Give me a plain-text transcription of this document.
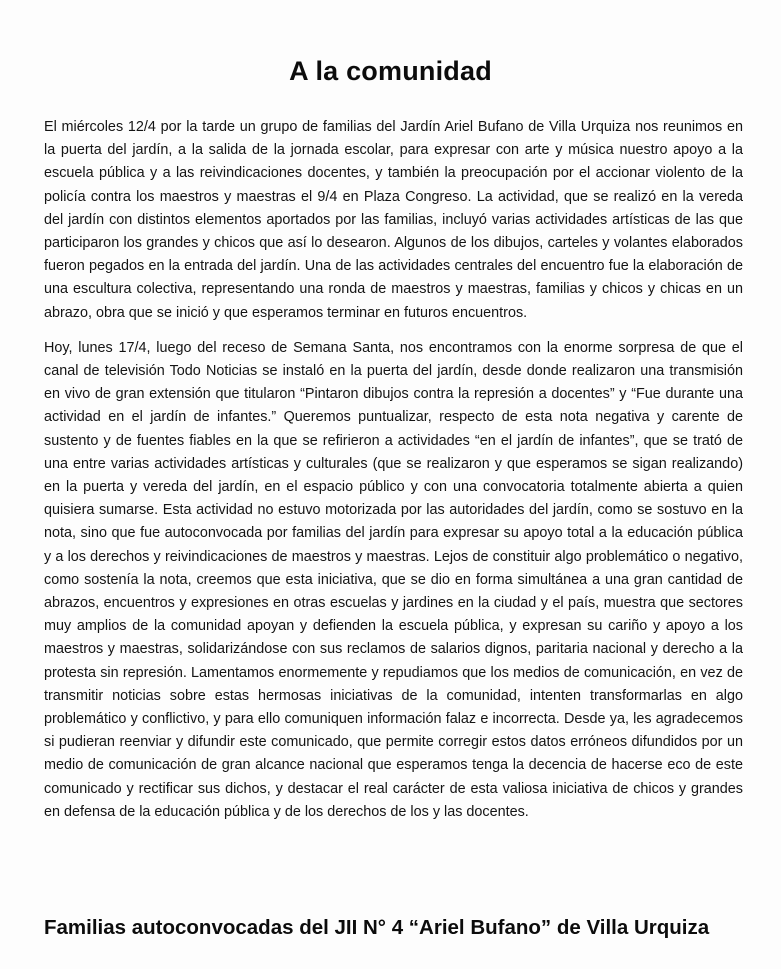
A la comunidad

El miércoles 12/4 por la tarde un grupo de familias del Jardín Ariel Bufano de Villa Urquiza nos reunimos en la puerta del jardín, a la salida de la jornada escolar, para expresar con arte y música nuestro apoyo a la escuela pública y a las reivindicaciones docentes, y también la preocupación por el accionar violento de la policía contra los maestros y maestras el 9/4 en Plaza Congreso. La actividad, que se realizó en la vereda del jardín con distintos elementos aportados por las familias, incluyó varias actividades artísticas de las que participaron los grandes y chicos que así lo desearon. Algunos de los dibujos, carteles y volantes elaborados fueron pegados en la entrada del jardín. Una de las actividades centrales del encuentro fue la elaboración de una escultura colectiva, representando una ronda de maestros y maestras, familias y chicos y chicas en un abrazo, obra que se inició y que esperamos terminar en futuros encuentros.

Hoy, lunes 17/4, luego del receso de Semana Santa, nos encontramos con la enorme sorpresa de que el canal de televisión Todo Noticias se instaló en la puerta del jardín, desde donde realizaron una transmisión en vivo de gran extensión que titularon “Pintaron dibujos contra la represión a docentes” y “Fue durante una actividad en el jardín de infantes.” Queremos puntualizar, respecto de esta nota negativa y carente de sustento y de fuentes fiables en la que se refirieron a actividades “en el jardín de infantes”, que se trató de una entre varias actividades artísticas y culturales (que se realizaron y que esperamos se sigan realizando) en la puerta y vereda del jardín, en el espacio público y con una convocatoria totalmente abierta a quien quisiera sumarse. Esta actividad no estuvo motorizada por las autoridades del jardín, como se sostuvo en la nota, sino que fue autoconvocada por familias del jardín para expresar su apoyo total a la educación pública y a los derechos y reivindicaciones de maestros y maestras. Lejos de constituir algo problemático o negativo, como sostenía la nota, creemos que esta iniciativa, que se dio en forma simultánea a una gran cantidad de abrazos, encuentros y expresiones en otras escuelas y jardines en la ciudad y el país, muestra que sectores muy amplios de la comunidad apoyan y defienden la escuela pública, y expresan su cariño y apoyo a los maestros y maestras, solidarizándose con sus reclamos de salarios dignos, paritaria nacional y derecho a la protesta sin represión. Lamentamos enormemente y repudiamos que los medios de comunicación, en vez de transmitir noticias sobre estas hermosas iniciativas de la comunidad, intenten transformarlas en algo problemático y conflictivo, y para ello comuniquen información falaz e incorrecta. Desde ya, les agradecemos si pudieran reenviar y difundir este comunicado, que permite corregir estos datos erróneos difundidos por un medio de comunicación de gran alcance nacional que esperamos tenga la decencia de hacerse eco de este comunicado y rectificar sus dichos, y destacar el real carácter de esta valiosa iniciativa de chicos y grandes en defensa de la educación pública y de los derechos de los y las docentes.

Familias autoconvocadas del JII N° 4 “Ariel Bufano” de Villa Urquiza
